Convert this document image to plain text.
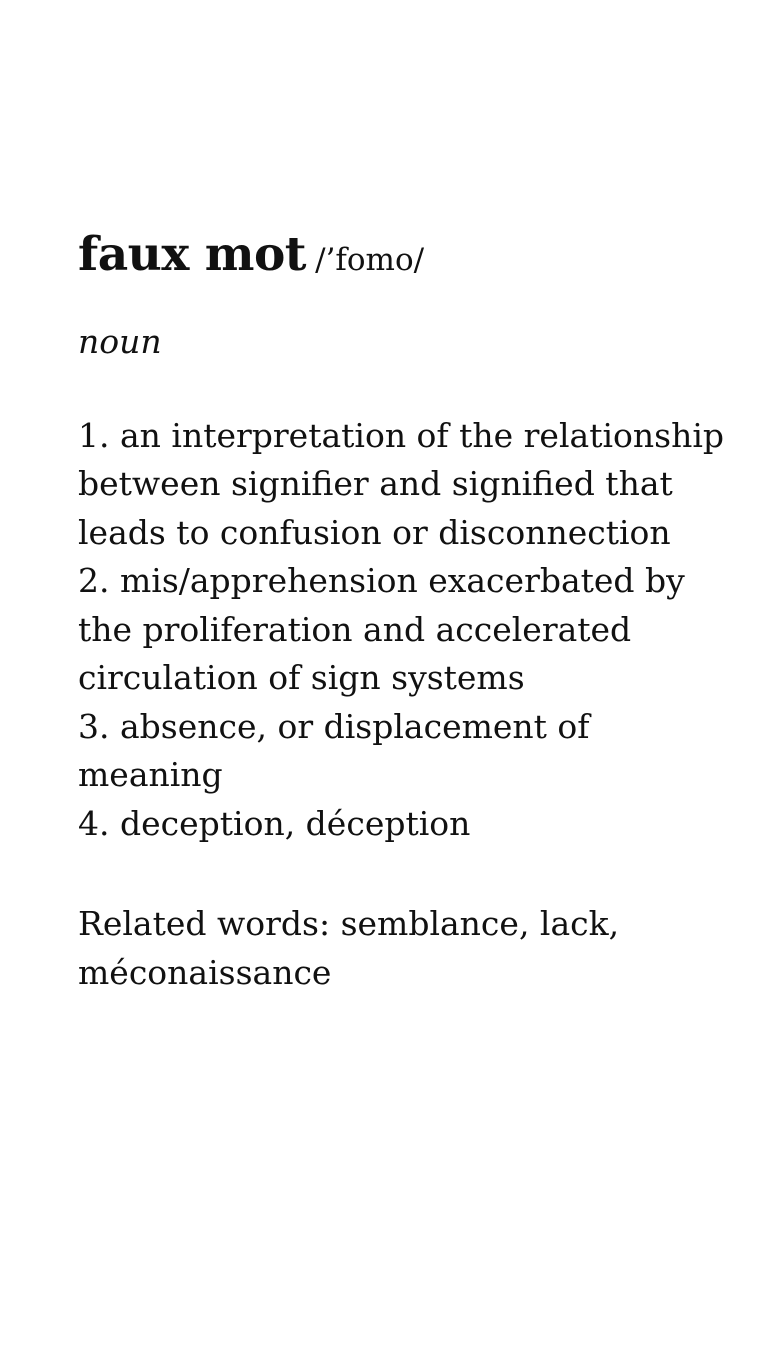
faux mot /’fomo/

noun

1. an interpretation of the relationship between signifier and signified that leads to confusion or disconnection
2. mis/apprehension exacerbated by the proliferation and accelerated circulation of sign systems
3. absence, or displacement of meaning
4. deception, déception

Related words: semblance, lack, méconaissance
